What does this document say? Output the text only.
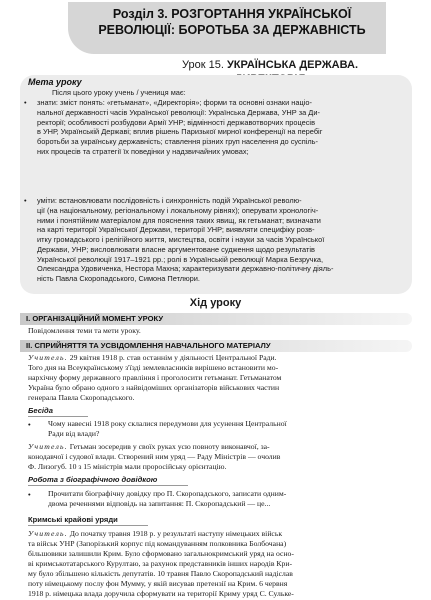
Розділ 3. РОЗГОРТАННЯ УКРАЇНСЬКОЇ
РЕВОЛЮЦІЇ: БОРОТЬБА ЗА ДЕРЖАВНІСТЬ
Урок 15. УКРАЇНСЬКА ДЕРЖАВА.
Мета уроку
Після цього уроку учень / учениця має:
• знати: зміст понять: «гетьманат», «Директорія»; форми та основні ознаки націо-
нальної державності часів Української революції: Українська Держава, УНР за Ди-
ректорії; особливості розбудови Армії УНР; відмінності державотворчих процесів
в УНР, Українській Державі; вплив рішень Паризької мирної конференції на перебіг
боротьби за українську державність; ставлення різних груп населення до суспіль-
них процесів та стратегії їх поведінки у надзвичайних умовах;
• уміти: встановлювати послідовність і синхронність подій Української револю-
ції (на національному, регіональному і локальному рівнях); оперувати хронологіч-
ними і понятійним матеріалом для пояснення таких явищ, як гетьманат; визначати
на карті території Української Держави, території УНР; виявляти специфіку розв-
итку громадського і релігійного життя, мистецтва, освіти і науки за часів Української
Держави, УНР; висловлювати власне аргументоване судження щодо результатів
Української революції 1917–1921 рр.; ролі в Українській революції Марка Безручка,
Олександра Удовиченка, Нестора Махна; характеризувати державно-політичну діяль-
ність Павла Скоропадського, Симона Петлюри.
Хід уроку
І. ОРГАНІЗАЦІЙНИЙ МОМЕНТ УРОКУ
Повідомлення теми та мети уроку.
ІІ. СПРИЙНЯТТЯ ТА УСВІДОМЛЕННЯ НАВЧАЛЬНОГО МАТЕРІАЛУ
Учитель. 29 квітня 1918 р. став останнім у діяльності Центральної Ради.
Того дня на Всеукраїнському з'їзді землевласників вирішено встановити мо-
нархічну форму державного правління і проголосити гетьманат. Гетьманатом
Україна було обрано одного з найвідоміших організаторів військових частин
генерала Павла Скоропадського.
Бесіда
• Чому навесні 1918 року склалися передумови для усунення Центральної
Ради від влади?
Учитель. Гетьман зосередив у своїх руках усю повноту виконавчої, за-
конодавчої і судової влади. Створений ним уряд — Раду Міністрів — очолив
Ф. Лизогуб. 10 з 15 міністрів мали проросійську орієнтацію.
Робота з біографічною довідкою
• Прочитати біографічну довідку про П. Скоропадського, записати одним-
двома реченнями відповідь на запитання: П. Скоропадський — це...
Кримські крайові уряди
Учитель. До початку травня 1918 р. у результаті наступу німецьких військ
та військ УНР (Запорізький корпус під командуванням полковника Болбочана)
більшовики залишили Крим. Було сформовано загальнокримський уряд на осно-
ві кримськотатарського Курултаю, за рахунок представників інших народів Кри-
му було збільшено кількість депутатів. 10 травня Павло Скоропадський надіслав
поту німецькому послу фон Мумму, у якій висував претензії на Крим. 6 червня
1918 р. німецька влада доручила сформувати на території Криму уряд С. Сульке-
